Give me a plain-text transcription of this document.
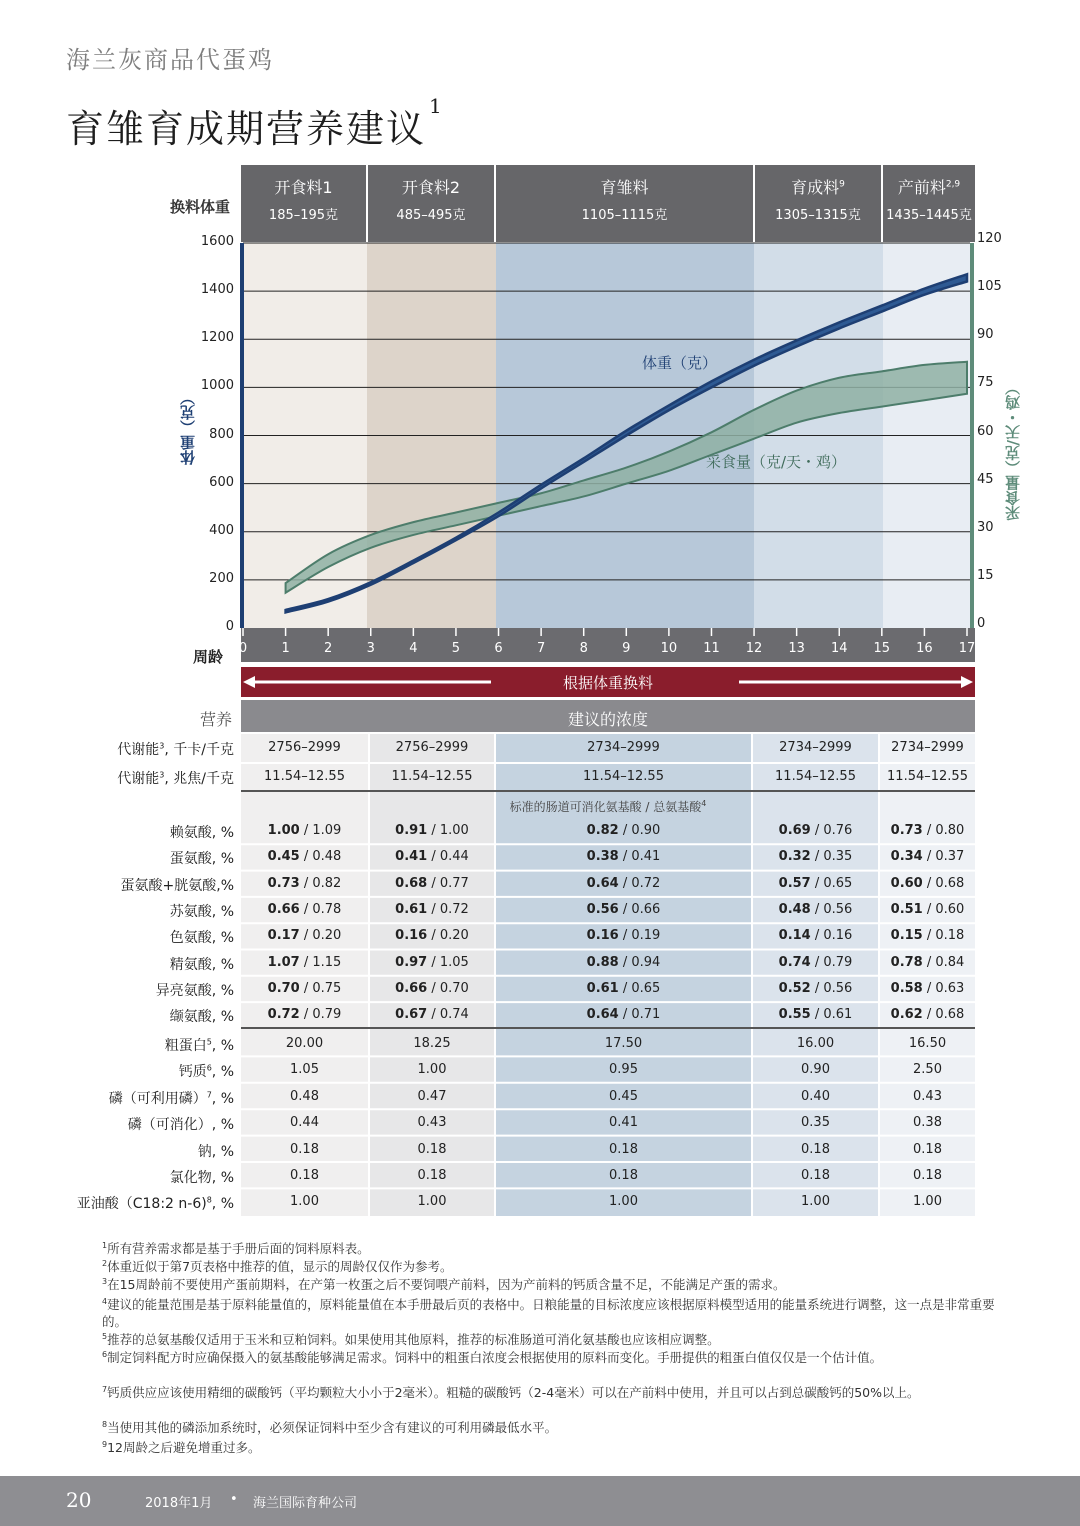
海兰灰商品代蛋鸡
育雏育成期营养建议$^1$
换料体重
周龄
开食料1
185–195克
开食料2
485–495克
育雏料
1105–1115克
育成料$^9$
1305–1315克
产前料$^{2,9}$
1435–1445克
体重（克）
采食量（克/天・鸡）
体重（克）	采食量（克/天・鸡）
0
200
400
600
800
1000
1200
1400
1600
0
15
30
45
60
75
90
105
120
0	1	2	3	4	5	6	7	8	9	10 11 12 13 14 15 16 17
根据体重换料
营养	建议的浓度
代谢能$^3$, 千卡/千克	2756–2999	2756–2999	2734–2999	2734–2999	2734–2999
代谢能$^3$, 兆焦/千克	11.54–12.55	11.54–12.55	11.54–12.55	11.54–12.55	11.54–12.55
标准的肠道可消化氨基酸 / 总氨基酸$^4$
赖氨酸, %	1.00 / 1.09	0.91 / 1.00	0.82 / 0.90	0.69 / 0.76	0.73 / 0.80
蛋氨酸, %	0.45 / 0.48	0.41 / 0.44	0.38 / 0.41	0.32 / 0.35	0.34 / 0.37
蛋氨酸+胱氨酸,%	0.73 / 0.82	0.68 / 0.77	0.64 / 0.72	0.57 / 0.65	0.60 / 0.68
苏氨酸, %	0.66 / 0.78	0.61 / 0.72	0.56 / 0.66	0.48 / 0.56	0.51 / 0.60
色氨酸, %	0.17 / 0.20	0.16 / 0.20	0.16 / 0.19	0.14 / 0.16	0.15 / 0.18
精氨酸, %	1.07 / 1.15	0.97 / 1.05	0.88 / 0.94	0.74 / 0.79	0.78 / 0.84
异亮氨酸, %	0.70 / 0.75	0.66 / 0.70	0.61 / 0.65	0.52 / 0.56	0.58 / 0.63
缬氨酸, %	0.72 / 0.79	0.67 / 0.74	0.64 / 0.71	0.55 / 0.61	0.62 / 0.68
粗蛋白$^5$, %	20.00	18.25	17.50	16.00	16.50
钙质$^6$, %	1.05	1.00	0.95	0.90	2.50
磷（可利用磷）$^7$, %	0.48	0.47	0.45	0.40	0.43
磷（可消化）, %	0.44	0.43	0.41	0.35	0.38
钠, %	0.18	0.18	0.18	0.18	0.18
氯化物, %	0.18	0.18	0.18	0.18	0.18
亚油酸（C18:2 n-6)$^8$, %	1.00	1.00	1.00	1.00	1.00
$^1$所有营养需求都是基于手册后面的饲料原料表。
$^2$体重近似于第7页表格中推荐的值，显示的周龄仅仅作为参考。
$^3$在15周龄前不要使用产蛋前期料，在产第一枚蛋之后不要饲喂产前料，因为产前料的钙质含量不足，不能满足产蛋的需求。
$^4$建议的能量范围是基于原料能量值的，原料能量值在本手册最后页的表格中。日粮能量的目标浓度应该根据原料模型适用的能量系统进行调整，这一点是非常重要的。
$^5$推荐的总氨基酸仅适用于玉米和豆粕饲料。如果使用其他原料，推荐的标准肠道可消化氨基酸也应该相应调整。
$^6$制定饲料配方时应确保摄入的氨基酸能够满足需求。饲料中的粗蛋白浓度会根据使用的原料而变化。手册提供的粗蛋白值仅仅是一个估计值。
$^7$钙质供应应该使用精细的碳酸钙（平均颗粒大小小于2毫米）。粗糙的碳酸钙（2-4毫米）可以在产前料中使用，并且可以占到总碳酸钙的50%以上。
$^8$当使用其他的磷添加系统时，必须保证饲料中至少含有建议的可利用磷最低水平。
$^9$12周龄之后避免增重过多。
20	2018年1月 • 海兰国际育种公司
